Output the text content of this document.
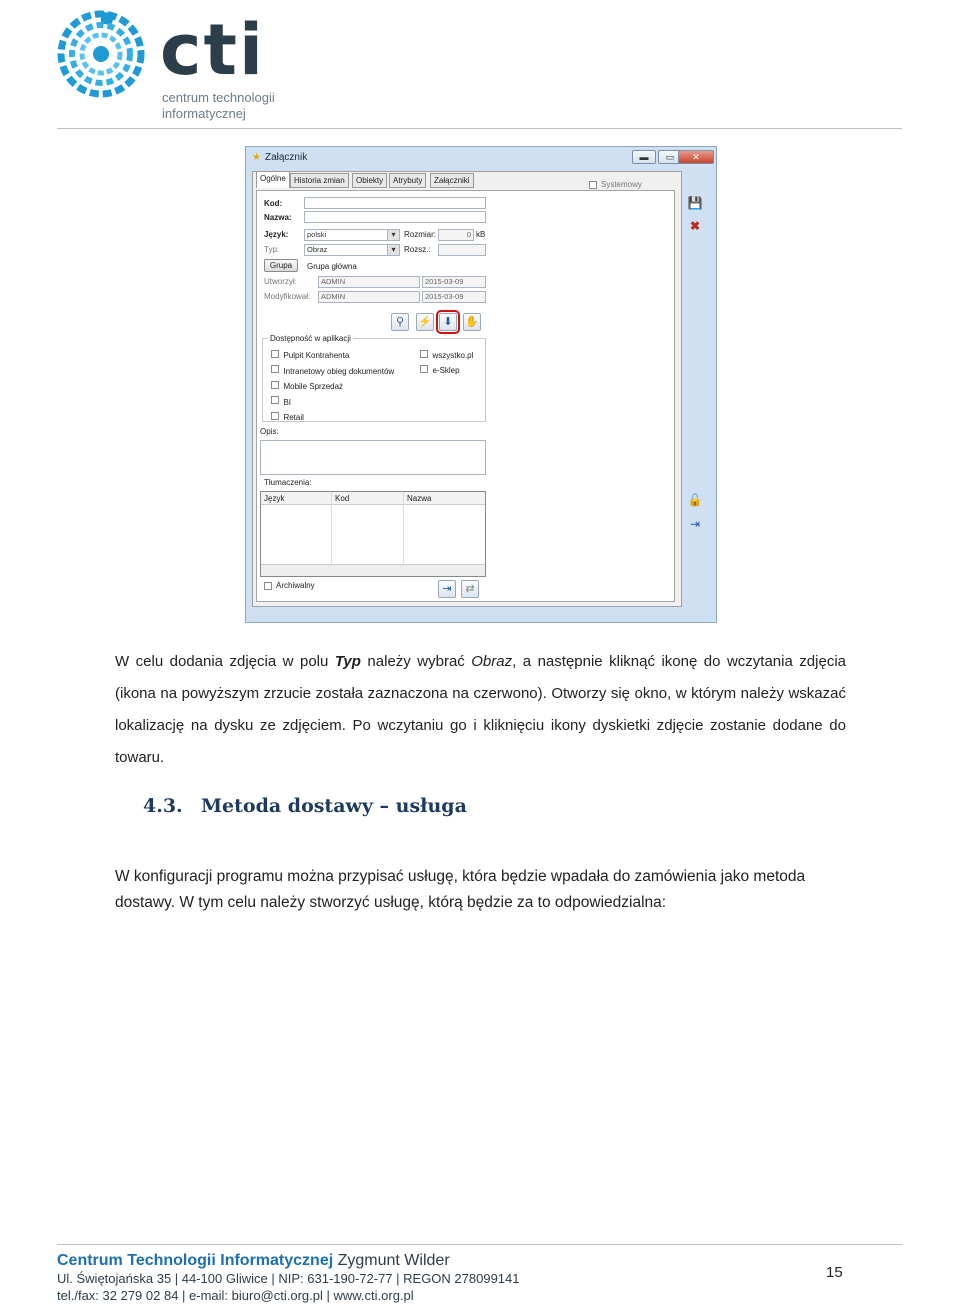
cti
centrum technologii
informatycznej
★ Załącznik	▬	▭	✕
Ogólne	Historia zmian	Obiekty	Atrybuty	Załączniki	Systemowy
Kod:
Nazwa:
Język:	polski ▾	Rozmiar:	0 kB
Typ:	Obraz ▾	Rozsz.:
Grupa	Grupa główna
Utworzył:	ADMIN	2015-03-09
Modyfikował:	ADMIN	2015-03-09
⚲	⚡	⬇	✋
Dostępność w aplikacji
Pulpit Kontrahenta
Intranetowy obieg dokumentów
Mobile Sprzedaż
BI
Retail
wszystko.pl
e-Sklep
Opis:
Tłumaczenia:
Język	Kod	Nazwa
Archiwalny	⇥	⇄
💾
✖
🔓
⇥
W celu dodania zdjęcia w polu Typ należy wybrać Obraz, a następnie kliknąć ikonę do wczytania zdjęcia (ikona na powyższym zrzucie została zaznaczona na czerwono). Otworzy się okno, w którym należy wskazać lokalizację na dysku ze zdjęciem. Po wczytaniu go i kliknięciu ikony dyskietki zdjęcie zostanie dodane do towaru.
4.3. Metoda dostawy – usługa
W konfiguracji programu można przypisać usługę, która będzie wpadała do zamówienia jako metoda dostawy. W tym celu należy stworzyć usługę, którą będzie za to odpowiedzialna:
Centrum Technologii Informatycznej Zygmunt Wilder
Ul. Świętojańska 35 | 44-100 Gliwice | NIP: 631-190-72-77 | REGON 278099141
tel./fax: 32 279 02 84 | e-mail: biuro@cti.org.pl | www.cti.org.pl
15
